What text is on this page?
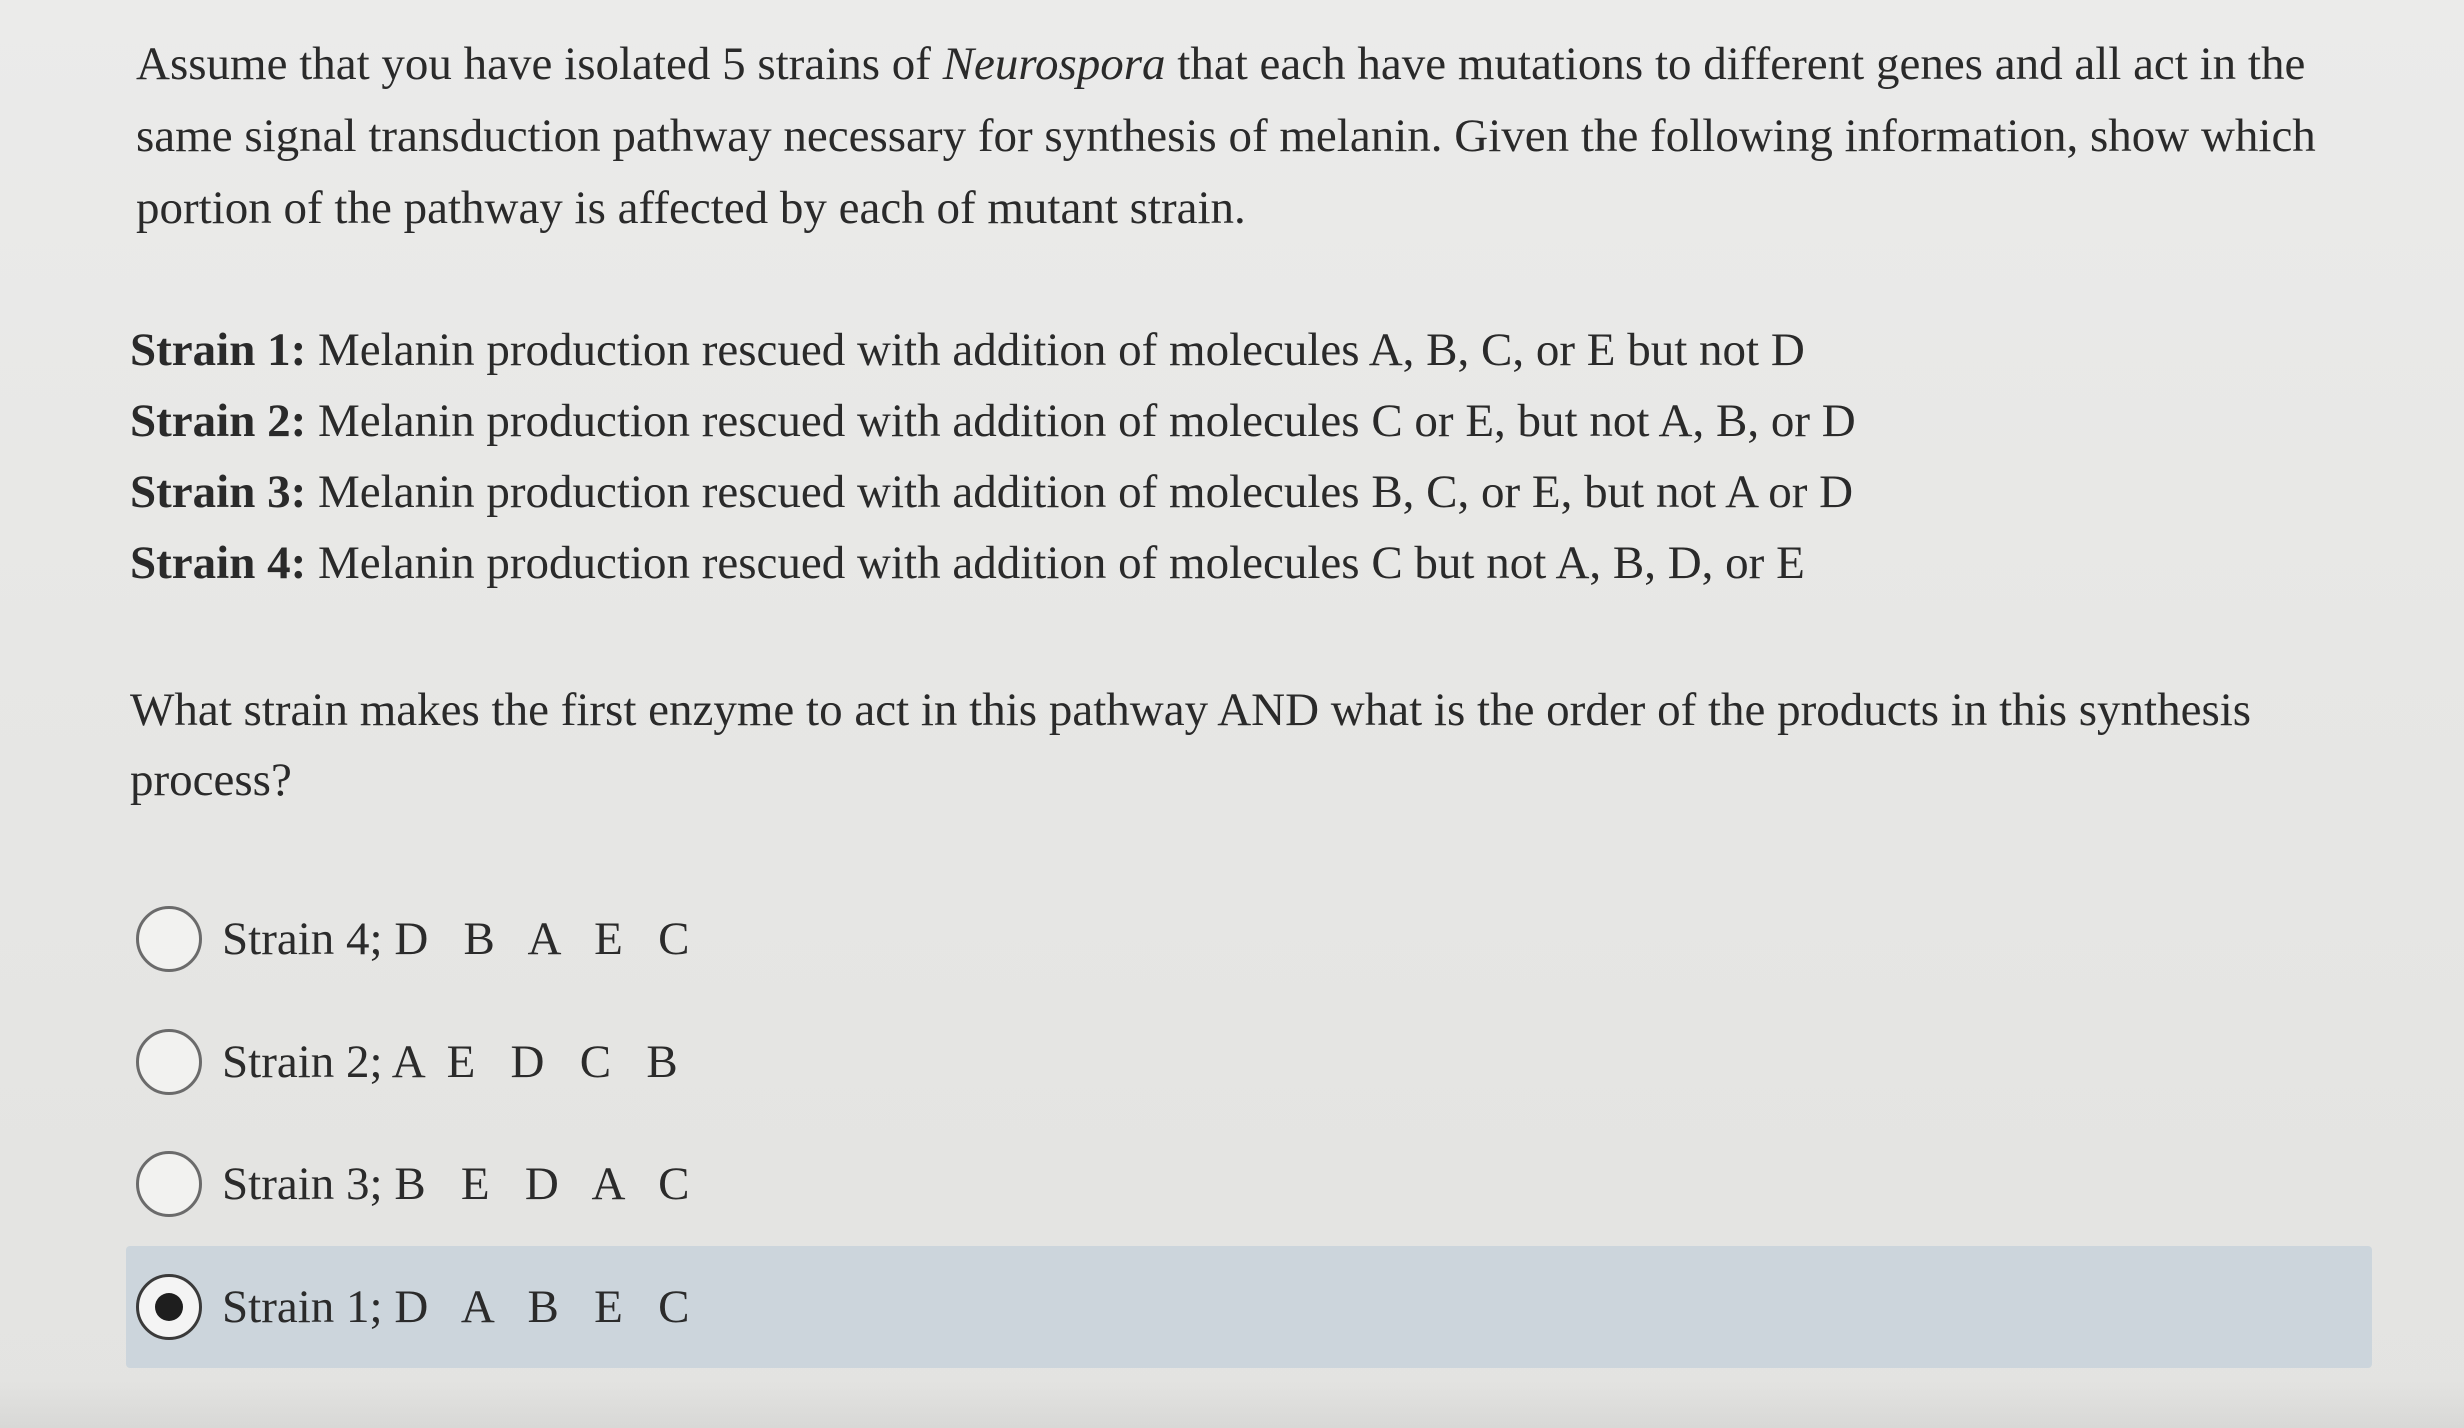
Assume that you have isolated 5 strains of Neurospora that each have mutations to different genes and all act in the same signal transduction pathway necessary for synthesis of melanin. Given the following information, show which portion of the pathway is affected by each of mutant strain.

Strain 1: Melanin production rescued with addition of molecules A, B, C, or E but not D
Strain 2: Melanin production rescued with addition of molecules C or E, but not A, B, or D
Strain 3: Melanin production rescued with addition of molecules B, C, or E, but not A or D
Strain 4: Melanin production rescued with addition of molecules C but not A, B, D, or E

What strain makes the first enzyme to act in this pathway AND what is the order of the products in this synthesis process?

Strain 4; D   B   A   E   C
Strain 2; A  E   D   C   B
Strain 3; B   E   D   A   C
Strain 1; D   A   B   E   C
